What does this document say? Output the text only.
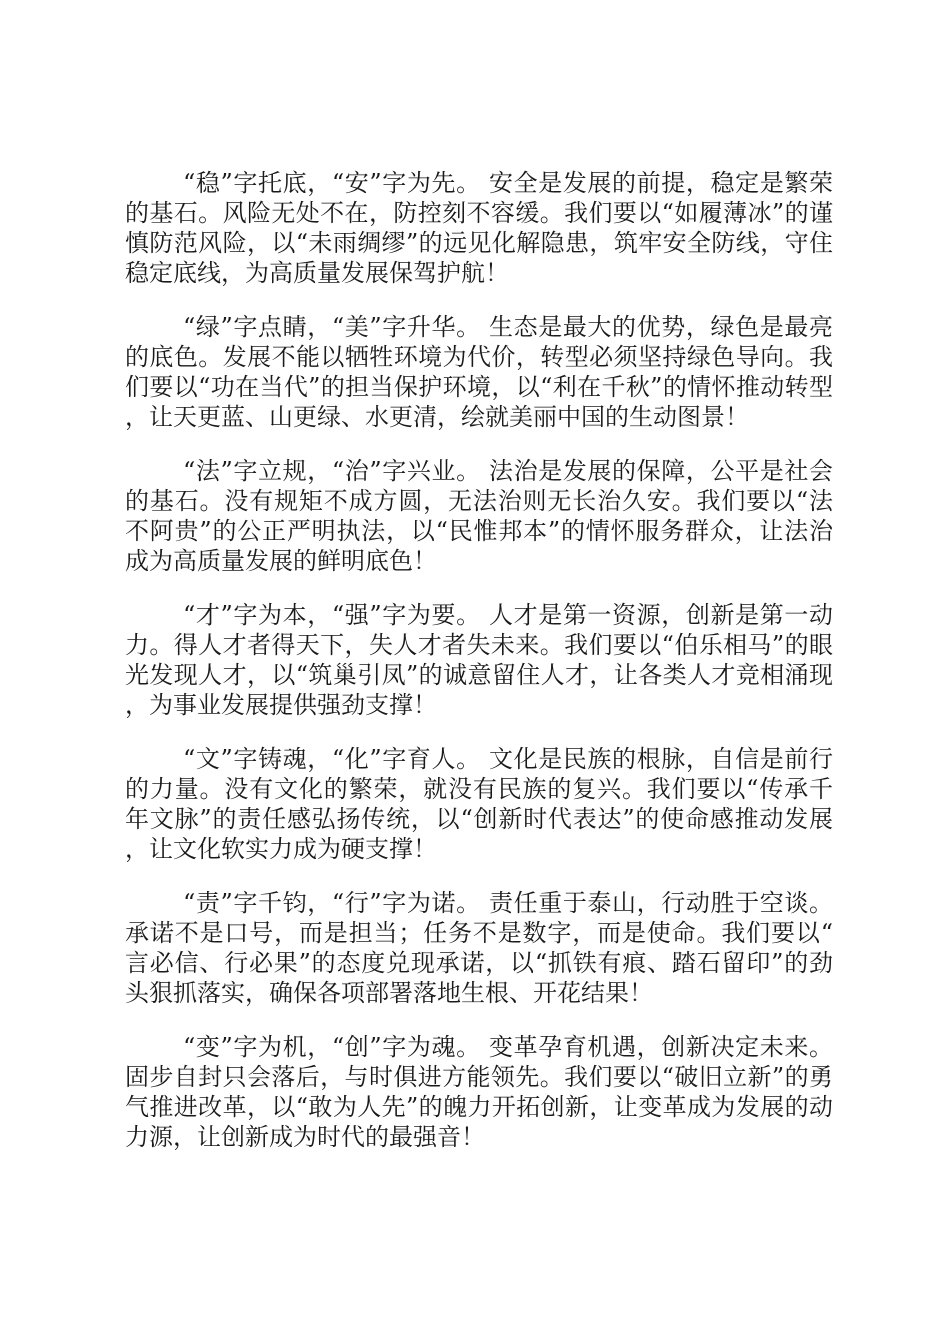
“稳”字托底，“安”字为先。 安全是发展的前提，稳定是繁荣的基石。风险无处不在，防控刻不容缓。我们要以“如履薄冰”的谨慎防范风险，以“未雨绸缪”的远见化解隐患，筑牢安全防线，守住稳定底线，为高质量发展保驾护航！

“绿”字点睛，“美”字升华。 生态是最大的优势，绿色是最亮的底色。发展不能以牺牲环境为代价，转型必须坚持绿色导向。我们要以“功在当代”的担当保护环境，以“利在千秋”的情怀推动转型，让天更蓝、山更绿、水更清，绘就美丽中国的生动图景！

“法”字立规，“治”字兴业。 法治是发展的保障，公平是社会的基石。没有规矩不成方圆，无法治则无长治久安。我们要以“法不阿贵”的公正严明执法，以“民惟邦本”的情怀服务群众，让法治成为高质量发展的鲜明底色！

“才”字为本，“强”字为要。 人才是第一资源，创新是第一动力。得人才者得天下，失人才者失未来。我们要以“伯乐相马”的眼光发现人才，以“筑巢引凤”的诚意留住人才，让各类人才竞相涌现，为事业发展提供强劲支撑！

“文”字铸魂，“化”字育人。 文化是民族的根脉，自信是前行的力量。没有文化的繁荣，就没有民族的复兴。我们要以“传承千年文脉”的责任感弘扬传统，以“创新时代表达”的使命感推动发展，让文化软实力成为硬支撑！

“责”字千钧，“行”字为诺。 责任重于泰山，行动胜于空谈。承诺不是口号，而是担当；任务不是数字，而是使命。我们要以“言必信、行必果”的态度兑现承诺，以“抓铁有痕、踏石留印”的劲头狠抓落实，确保各项部署落地生根、开花结果！

“变”字为机，“创”字为魂。 变革孕育机遇，创新决定未来。固步自封只会落后，与时俱进方能领先。我们要以“破旧立新”的勇气推进改革，以“敢为人先”的魄力开拓创新，让变革成为发展的动力源，让创新成为时代的最强音！
